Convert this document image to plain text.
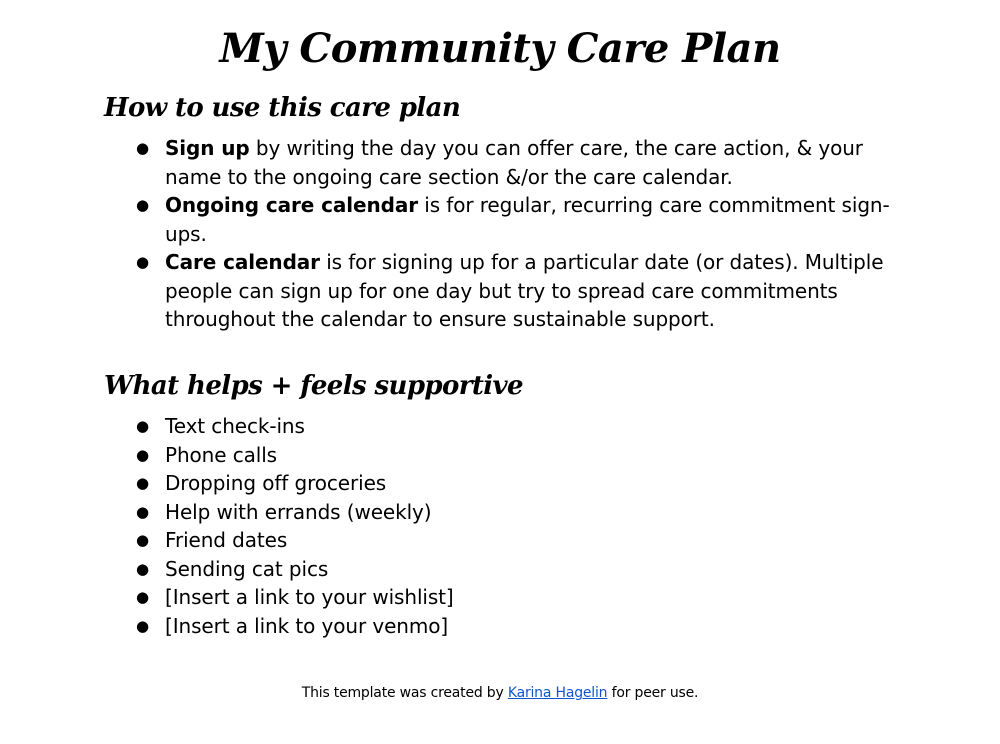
My Community Care Plan
How to use this care plan
● Sign up by writing the day you can offer care, the care action, & your name to the ongoing care section &/or the care calendar.
● Ongoing care calendar is for regular, recurring care commitment sign-ups.
● Care calendar is for signing up for a particular date (or dates). Multiple people can sign up for one day but try to spread care commitments throughout the calendar to ensure sustainable support.
What helps + feels supportive
● Text check-ins
● Phone calls
● Dropping off groceries
● Help with errands (weekly)
● Friend dates
● Sending cat pics
● [Insert a link to your wishlist]
● [Insert a link to your venmo]
This template was created by Karina Hagelin for peer use.
